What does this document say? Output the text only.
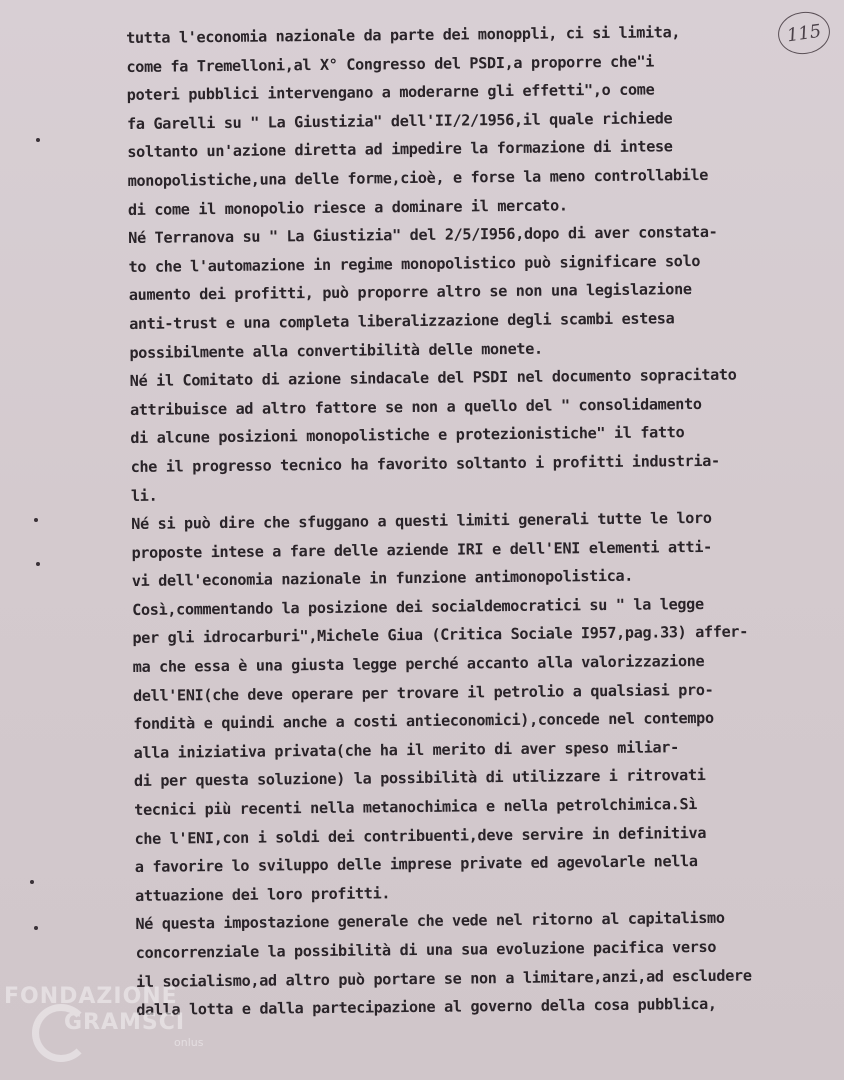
115
tutta l'economia nazionale da parte dei monoppli, ci si limita,
come fa Tremelloni,al X° Congresso del PSDI,a proporre che"i
poteri pubblici intervengano a moderarne gli effetti",o come
fa Garelli su " La Giustizia" dell'II/2/1956,il quale richiede
soltanto un'azione diretta ad impedire la formazione di intese
monopolistiche,una delle forme,cioè, e forse la meno controllabile
di come il monopolio riesce a dominare il mercato.
Né Terranova su " La Giustizia" del 2/5/I956,dopo di aver constata-
to che l'automazione in regime monopolistico può significare solo
aumento dei profitti, può proporre altro se non una legislazione
anti-trust e una completa liberalizzazione degli scambi estesa
possibilmente alla convertibilità delle monete.
Né il Comitato di azione sindacale del PSDI nel documento sopracitato
attribuisce ad altro fattore se non a quello del " consolidamento
di alcune posizioni monopolistiche e protezionistiche" il fatto
che il progresso tecnico ha favorito soltanto i profitti industria-
li.
Né si può dire che sfuggano a questi limiti generali tutte le loro
proposte intese a fare delle aziende IRI e dell'ENI elementi atti-
vi dell'economia nazionale in funzione antimonopolistica.
Così,commentando la posizione dei socialdemocratici su " la legge
per gli idrocarburi",Michele Giua (Critica Sociale I957,pag.33) affer-
ma che essa è una giusta legge perché accanto alla valorizzazione
dell'ENI(che deve operare per trovare il petrolio a qualsiasi pro-
fondità e quindi anche a costi antieconomici),concede nel contempo
alla iniziativa privata(che ha il merito di aver speso miliar-
di per questa soluzione) la possibilità di utilizzare i ritrovati
tecnici più recenti nella metanochimica e nella petrolchimica.Sì
che l'ENI,con i soldi dei contribuenti,deve servire in definitiva
a favorire lo sviluppo delle imprese private ed agevolarle nella
attuazione dei loro profitti.
Né questa impostazione generale che vede nel ritorno al capitalismo
concorrenziale la possibilità di una sua evoluzione pacifica verso
il socialismo,ad altro può portare se non a limitare,anzi,ad escludere
dalla lotta e dalla partecipazione al governo della cosa pubblica,
FONDAZIONE
GRAMSCI
onlus
